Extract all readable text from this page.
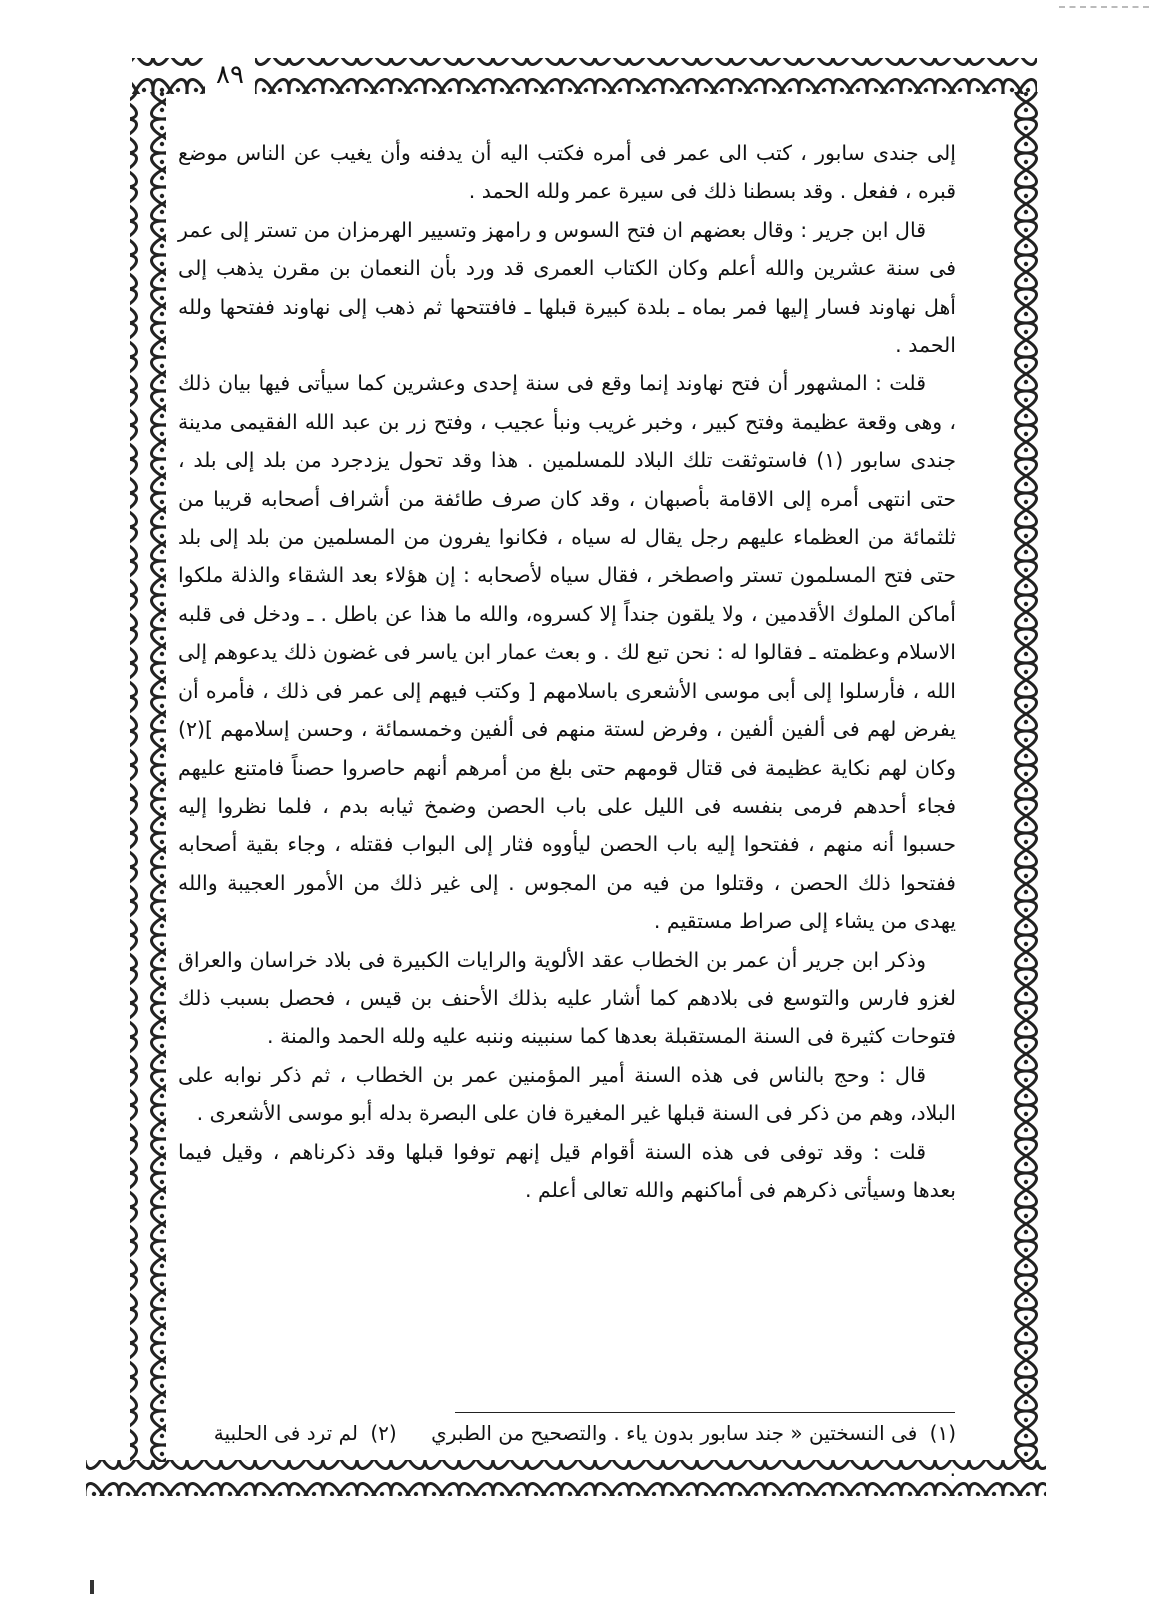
٨٩

إلى جندى سابور ، كتب الى عمر فى أمره فكتب اليه أن يدفنه وأن يغيب عن الناس موضع قبره ، ففعل . وقد بسطنا ذلك فى سيرة عمر ولله الحمد .

قال ابن جرير : وقال بعضهم ان فتح السوس و رامهز وتسيير الهرمزان من تستر إلى عمر فى سنة عشرين والله أعلم وكان الكتاب العمرى قد ورد بأن النعمان بن مقرن يذهب إلى أهل نهاوند فسار إليها فمر بماه ـ بلدة كبيرة قبلها ـ فافتتحها ثم ذهب إلى نهاوند ففتحها ولله الحمد .

قلت : المشهور أن فتح نهاوند إنما وقع فى سنة إحدى وعشرين كما سيأتى فيها بيان ذلك ، وهى وقعة عظيمة وفتح كبير ، وخبر غريب ونبأ عجيب ، وفتح زر بن عبد الله الفقيمى مدينة جندى سابور (١) فاستوثقت تلك البلاد للمسلمين . هذا وقد تحول يزدجرد من بلد إلى بلد ، حتى انتهى أمره إلى الاقامة بأصبهان ، وقد كان صرف طائفة من أشراف أصحابه قريبا من ثلثمائة من العظماء عليهم رجل يقال له سياه ، فكانوا يفرون من المسلمين من بلد إلى بلد حتى فتح المسلمون تستر واصطخر ، فقال سياه لأصحابه : إن هؤلاء بعد الشقاء والذلة ملكوا أماكن الملوك الأقدمين ، ولا يلقون جنداً إلا كسروه، والله ما هذا عن باطل . ـ ودخل فى قلبه الاسلام وعظمته ـ فقالوا له : نحن تبع لك . و بعث عمار ابن ياسر فى غضون ذلك يدعوهم إلى الله ، فأرسلوا إلى أبى موسى الأشعرى باسلامهم [ وكتب فيهم إلى عمر فى ذلك ، فأمره أن يفرض لهم فى ألفين ألفين ، وفرض لستة منهم فى ألفين وخمسمائة ، وحسن إسلامهم ](٢) وكان لهم نكاية عظيمة فى قتال قومهم حتى بلغ من أمرهم أنهم حاصروا حصناً فامتنع عليهم فجاء أحدهم فرمى بنفسه فى الليل على باب الحصن وضمخ ثيابه بدم ، فلما نظروا إليه حسبوا أنه منهم ، ففتحوا إليه باب الحصن ليأووه فثار إلى البواب فقتله ، وجاء بقية أصحابه ففتحوا ذلك الحصن ، وقتلوا من فيه من المجوس . إلى غير ذلك من الأمور العجيبة والله يهدى من يشاء إلى صراط مستقيم .

وذكر ابن جرير أن عمر بن الخطاب عقد الألوية والرايات الكبيرة فى بلاد خراسان والعراق لغزو فارس والتوسع فى بلادهم كما أشار عليه بذلك الأحنف بن قيس ، فحصل بسبب ذلك فتوحات كثيرة فى السنة المستقبلة بعدها كما سنبينه وننبه عليه ولله الحمد والمنة .

قال : وحج بالناس فى هذه السنة أمير المؤمنين عمر بن الخطاب ، ثم ذكر نوابه على البلاد، وهم من ذكر فى السنة قبلها غير المغيرة فان على البصرة بدله أبو موسى الأشعرى .

قلت : وقد توفى فى هذه السنة أقوام قيل إنهم توفوا قبلها وقد ذكرناهم ، وقيل فيما بعدها وسيأتى ذكرهم فى أماكنهم والله تعالى أعلم .

(١) فى النسختين « جند سابور بدون ياء . والتصحيح من الطبري (٢) لم ترد فى الحلبية .
